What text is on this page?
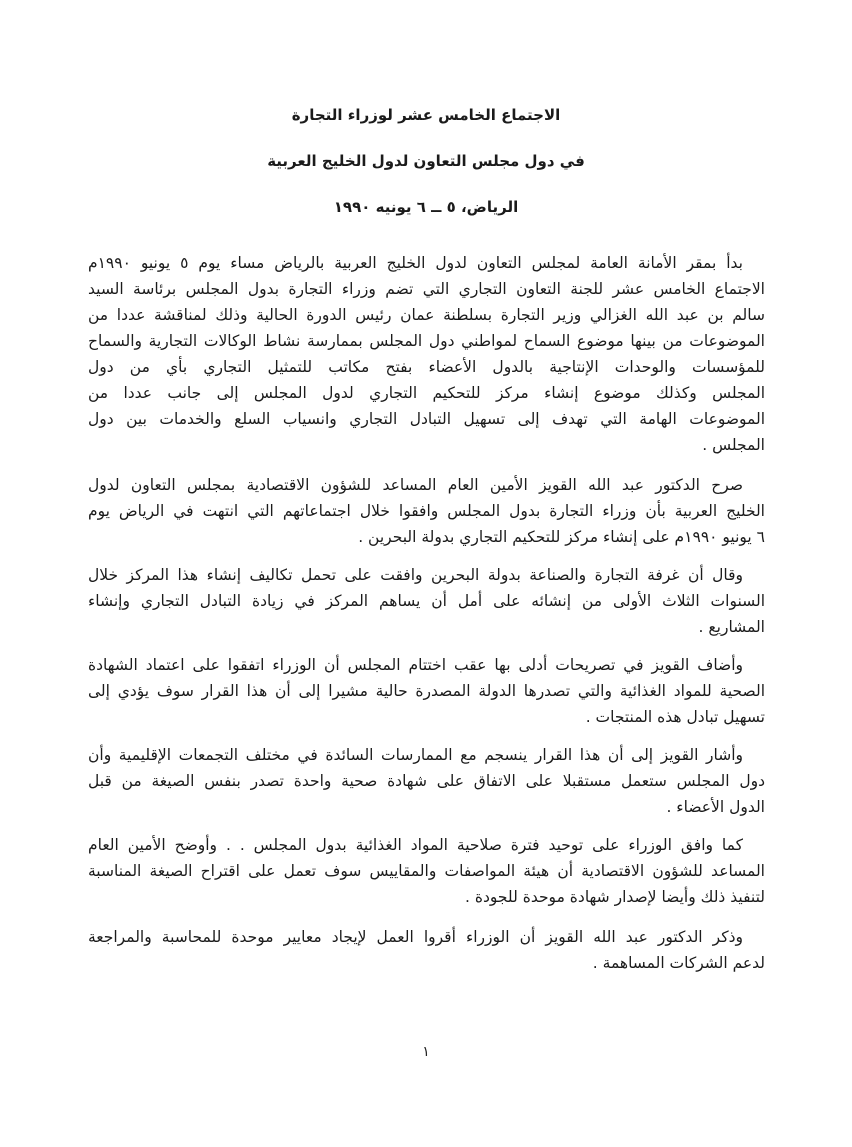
الاجتماع الخامس عشر لوزراء التجارة
في دول مجلس التعاون لدول الخليج العربية
الرياض، ٥ ــ ٦ يونيه ١٩٩٠
بدأ بمقر الأمانة العامة لمجلس التعاون لدول الخليج العربية بالرياض مساء يوم ٥ يونيو ١٩٩٠م
الاجتماع الخامس عشر للجنة التعاون التجاري التي تضم وزراء التجارة بدول المجلس برئاسة السيد
سالم بن عبد الله الغزالي وزير التجارة بسلطنة عمان رئيس الدورة الحالية وذلك لمناقشة عددا من
الموضوعات من بينها موضوع السماح لمواطني دول المجلس بممارسة نشاط الوكالات التجارية والسماح
للمؤسسات والوحدات الإنتاجية بالدول الأعضاء بفتح مكاتب للتمثيل التجاري بأي من دول
المجلس وكذلك موضوع إنشاء مركز للتحكيم التجاري لدول المجلس إلى جانب عددا من
الموضوعات الهامة التي تهدف إلى تسهيل التبادل التجاري وانسياب السلع والخدمات بين دول
المجلس .
صرح الدكتور عبد الله القويز الأمين العام المساعد للشؤون الاقتصادية بمجلس التعاون لدول
الخليج العربية بأن وزراء التجارة بدول المجلس وافقوا خلال اجتماعاتهم التي انتهت في الرياض يوم
٦ يونيو ١٩٩٠م على إنشاء مركز للتحكيم التجاري بدولة البحرين .
وقال أن غرفة التجارة والصناعة بدولة البحرين وافقت على تحمل تكاليف إنشاء هذا المركز خلال
السنوات الثلاث الأولى من إنشائه على أمل أن يساهم المركز في زيادة التبادل التجاري وإنشاء
المشاريع .
وأضاف القويز في تصريحات أدلى بها عقب اختتام المجلس أن الوزراء اتفقوا على اعتماد الشهادة
الصحية للمواد الغذائية والتي تصدرها الدولة المصدرة حالية مشيرا إلى أن هذا القرار سوف يؤدي إلى
تسهيل تبادل هذه المنتجات .
وأشار القويز إلى أن هذا القرار ينسجم مع الممارسات السائدة في مختلف التجمعات الإقليمية وأن
دول المجلس ستعمل مستقبلا على الاتفاق على شهادة صحية واحدة تصدر بنفس الصيغة من قبل
الدول الأعضاء .
كما وافق الوزراء على توحيد فترة صلاحية المواد الغذائية بدول المجلس . . وأوضح الأمين العام
المساعد للشؤون الاقتصادية أن هيئة المواصفات والمقاييس سوف تعمل على اقتراح الصيغة المناسبة
لتنفيذ ذلك وأيضا لإصدار شهادة موحدة للجودة .
وذكر الدكتور عبد الله القويز أن الوزراء أقروا العمل لإيجاد معايير موحدة للمحاسبة والمراجعة
لدعم الشركات المساهمة .
١
